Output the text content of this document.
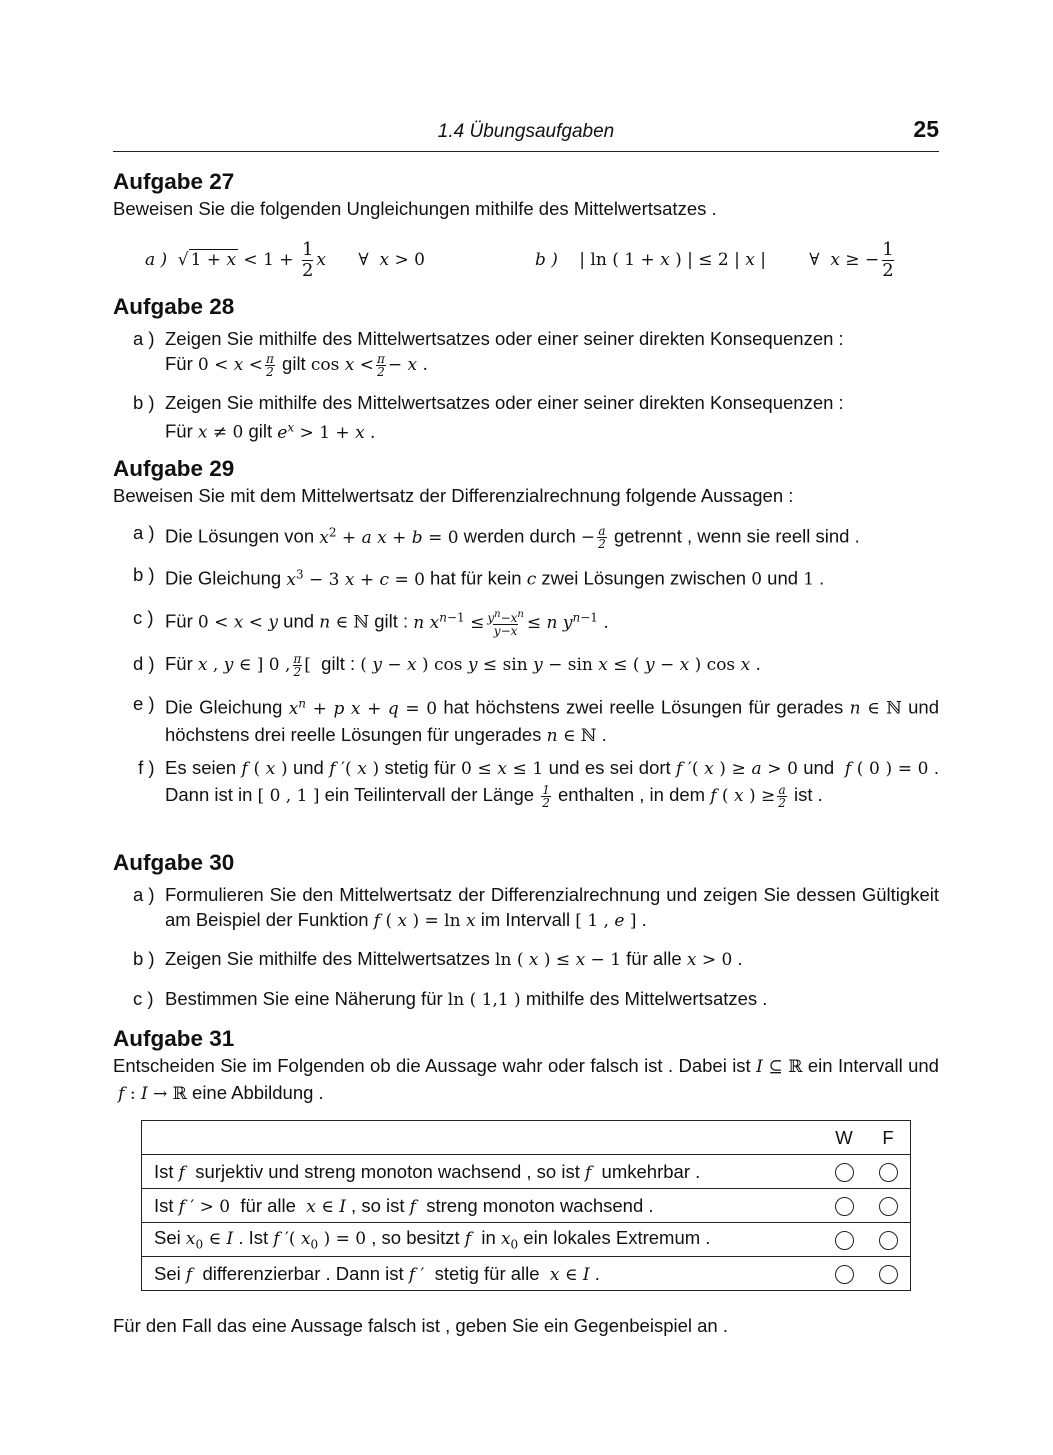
1.4 Übungsaufgaben	25
Aufgabe 27
Beweisen Sie die folgenden Ungleichungen mithilfe des Mittelwertsatzes .
a )  √ $1 + x < 1 + \frac{1}{2}$ x      ∀  x > 0	b )    | ln ( 1 + x ) | ≤ 2 | x |        ∀  x ≥ − $\frac{1}{2}$
Aufgabe 28
a ) Zeigen Sie mithilfe des Mittelwertsatzes oder einer seiner direkten Konsequenzen :
Für $0 < x < \frac{\pi}{2}$ gilt $\cos x < \frac{\pi}{2} - x$ .
b ) Zeigen Sie mithilfe des Mittelwertsatzes oder einer seiner direkten Konsequenzen :
Für x ≠ 0 gilt $e^x > 1 + x$ .
Aufgabe 29
Beweisen Sie mit dem Mittelwertsatz der Differenzialrechnung folgende Aussagen :
a ) Die Lösungen von $x^2 + a$ x + b = 0 werden durch − $\frac{a}{2}$ getrennt , wenn sie reell sind .
b ) Die Gleichung $x^3 - 3$ x + c = 0 hat für kein c zwei Lösungen zwischen 0 und 1 .
c ) Für 0 < x < y und n ∈ ℕ gilt : n $x^{n-1} \le \frac{y^n-x^n}{y-x} \le n$ $y^{n-1}$ .
d ) Für x , y ∈ ] 0 , $\frac{\pi}{2}$ [  gilt : ( y − x ) cos y ≤ sin y − sin x ≤ ( y − x ) cos x .
e ) Die Gleichung $x^n + p$ x + q = 0 hat höchstens zwei reelle Lösungen für gerades n ∈ ℕ und höchstens drei reelle Lösungen für ungerades n ∈ ℕ .
f ) Es seien f ( x ) und f ′( x ) stetig für 0 ≤ x ≤ 1 und es sei dort f ′( x ) ≥ a > 0 und  f ( 0 ) = 0 . Dann ist in [ 0 , 1 ] ein Teilintervall der Länge $\frac{1}{2}$ enthalten , in dem f ( x ) ≥ $\frac{a}{2}$ ist .
Aufgabe 30
a ) Formulieren Sie den Mittelwertsatz der Differenzialrechnung und zeigen Sie dessen Gültigkeit am Beispiel der Funktion f ( x ) = ln x im Intervall [ 1 , e ] .
b ) Zeigen Sie mithilfe des Mittelwertsatzes ln ( x ) ≤ x − 1 für alle x > 0 .
c ) Bestimmen Sie eine Näherung für ln ( 1,1 ) mithilfe des Mittelwertsatzes .
Aufgabe 31
Entscheiden Sie im Folgenden ob die Aussage wahr oder falsch ist . Dabei ist I ⊆ ℝ ein Intervall und  f : I → ℝ eine Abbildung .
	W	F
Ist f  surjektiv und streng monoton wachsend , so ist f  umkehrbar .		
Ist f ′ > 0  für alle  x ∈ I , so ist f  streng monoton wachsend .		
Sei $x_0$ ∈ I . Ist f ′( $x_0$ ) = 0 , so besitzt f  in $x_0$ ein lokales Extremum .		
Sei f  differenzierbar . Dann ist f ′  stetig für alle  x ∈ I .		
Für den Fall das eine Aussage falsch ist , geben Sie ein Gegenbeispiel an .
